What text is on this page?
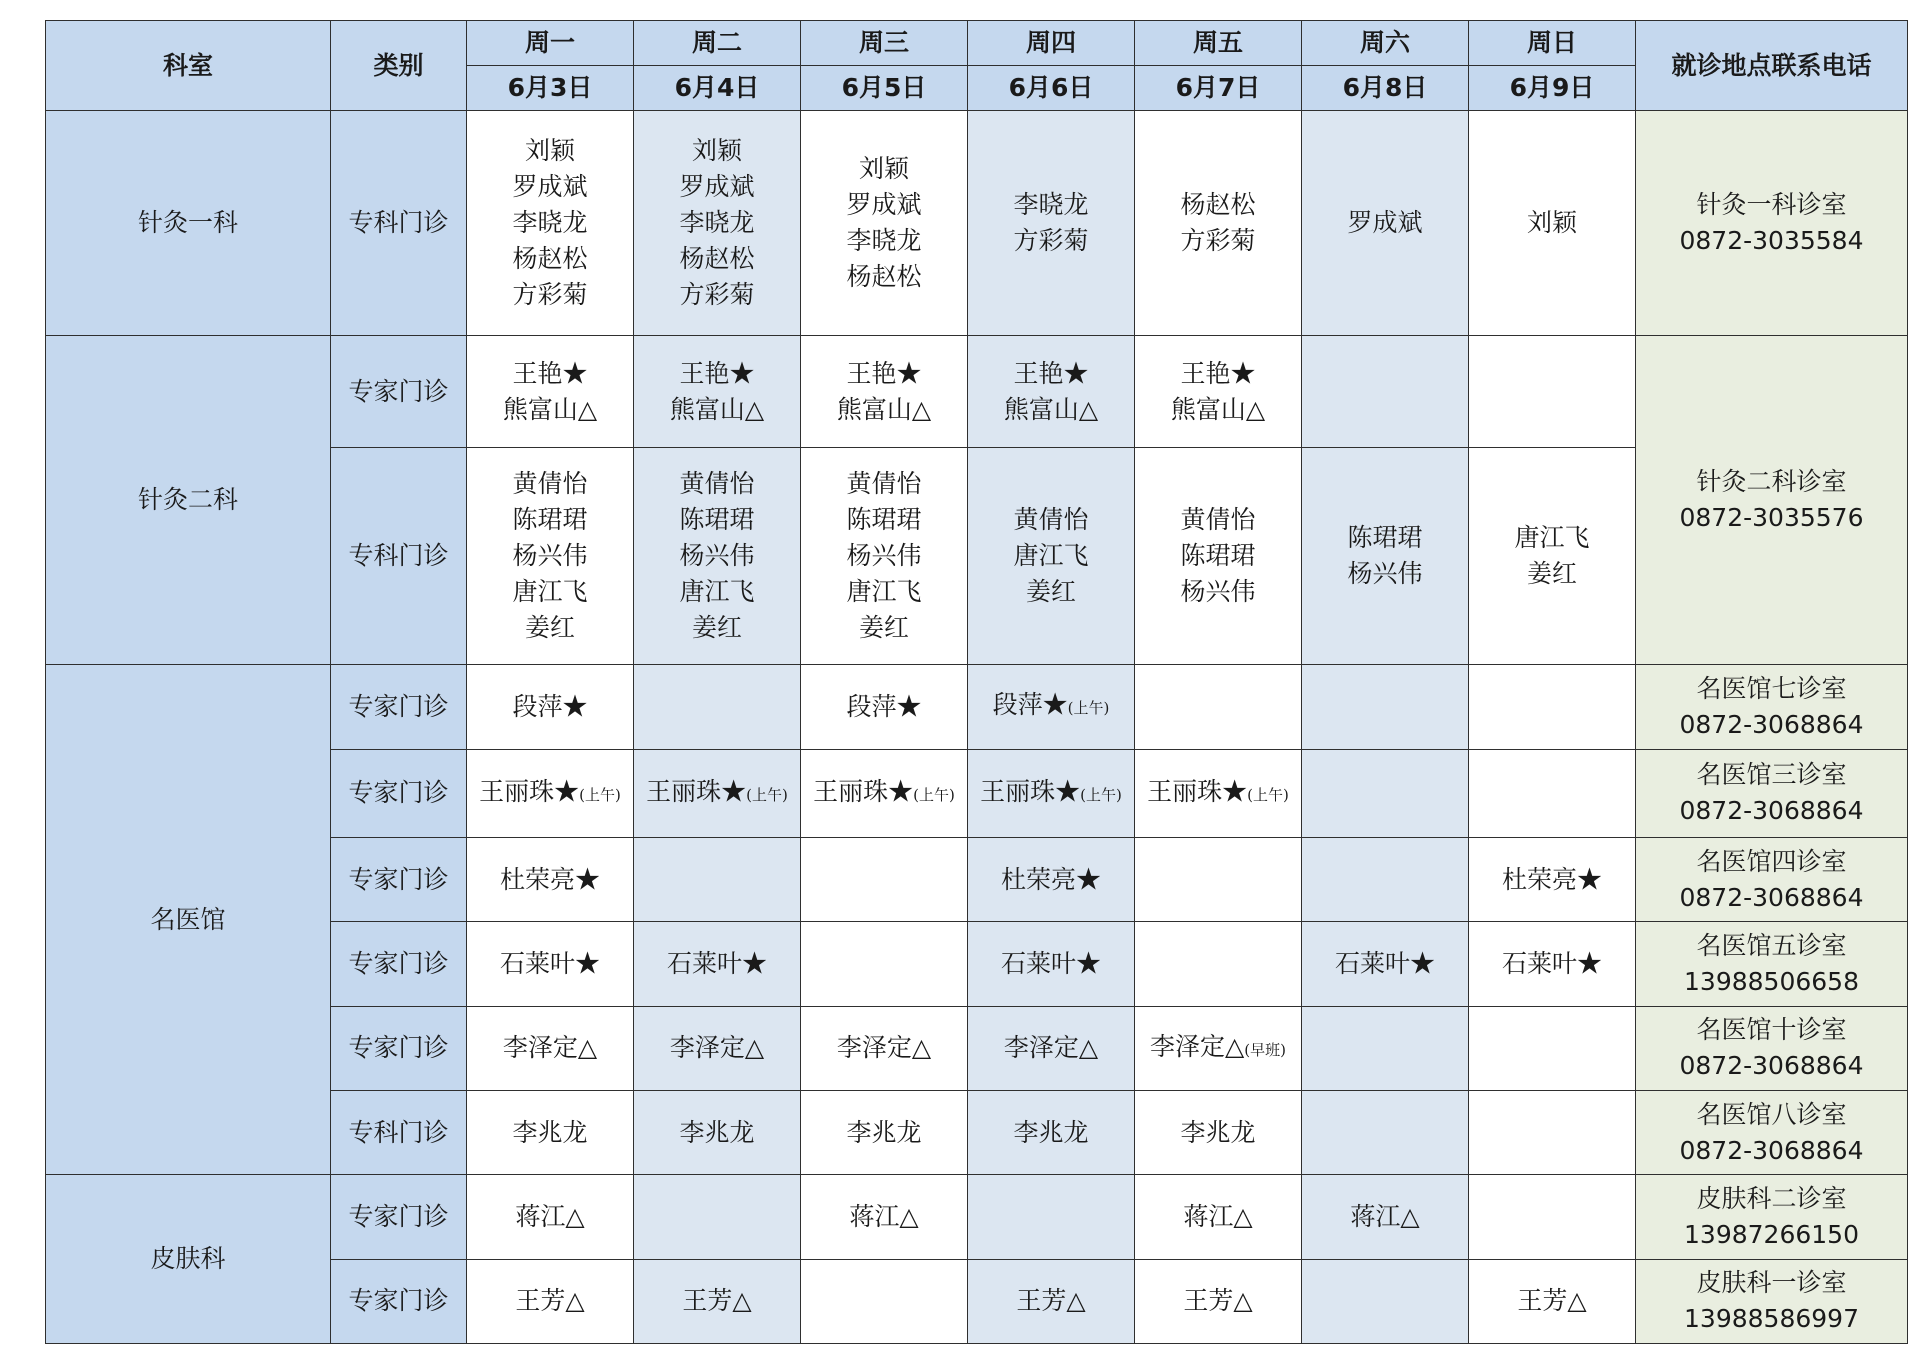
科室	类别	周一	周二	周三	周四	周五	周六	周日	就诊地点联系电话
		6月3日	6月4日	6月5日	6月6日	6月7日	6月8日	6月9日	
针灸一科	专科门诊	刘颖
罗成斌
李晓龙
杨赵松
方彩菊	刘颖
罗成斌
李晓龙
杨赵松
方彩菊	刘颖
罗成斌
李晓龙
杨赵松	李晓龙
方彩菊	杨赵松
方彩菊	罗成斌	刘颖	针灸一科诊室
0872-3035584

针灸二科	专家门诊	王艳★
熊富山△	王艳★
熊富山△	王艳★
熊富山△	王艳★
熊富山△	王艳★
熊富山△			针灸二科诊室
0872-3035576

	专科门诊	黄倩怡
陈珺珺
杨兴伟
唐江飞
姜红	黄倩怡
陈珺珺
杨兴伟
唐江飞
姜红	黄倩怡
陈珺珺
杨兴伟
唐江飞
姜红	黄倩怡
唐江飞
姜红	黄倩怡
陈珺珺
杨兴伟	陈珺珺
杨兴伟	唐江飞
姜红	

名医馆	专家门诊	段萍★		段萍★	段萍★(上午)				名医馆七诊室
0872-3068864

	专家门诊	王丽珠★(上午)	王丽珠★(上午)	王丽珠★(上午)	王丽珠★(上午)	王丽珠★(上午)			名医馆三诊室
0872-3068864

	专家门诊	杜荣亮★			杜荣亮★			杜荣亮★	名医馆四诊室
0872-3068864

	专家门诊	石莱叶★	石莱叶★		石莱叶★		石莱叶★	石莱叶★	名医馆五诊室
13988506658

	专家门诊	李泽定△	李泽定△	李泽定△	李泽定△	李泽定△(早班)			名医馆十诊室
0872-3068864

	专科门诊	李兆龙	李兆龙	李兆龙	李兆龙	李兆龙			名医馆八诊室
0872-3068864

皮肤科	专家门诊	蒋江△		蒋江△		蒋江△	蒋江△		皮肤科二诊室
13987266150

	专家门诊	王芳△	王芳△		王芳△	王芳△		王芳△	皮肤科一诊室
13988586997
